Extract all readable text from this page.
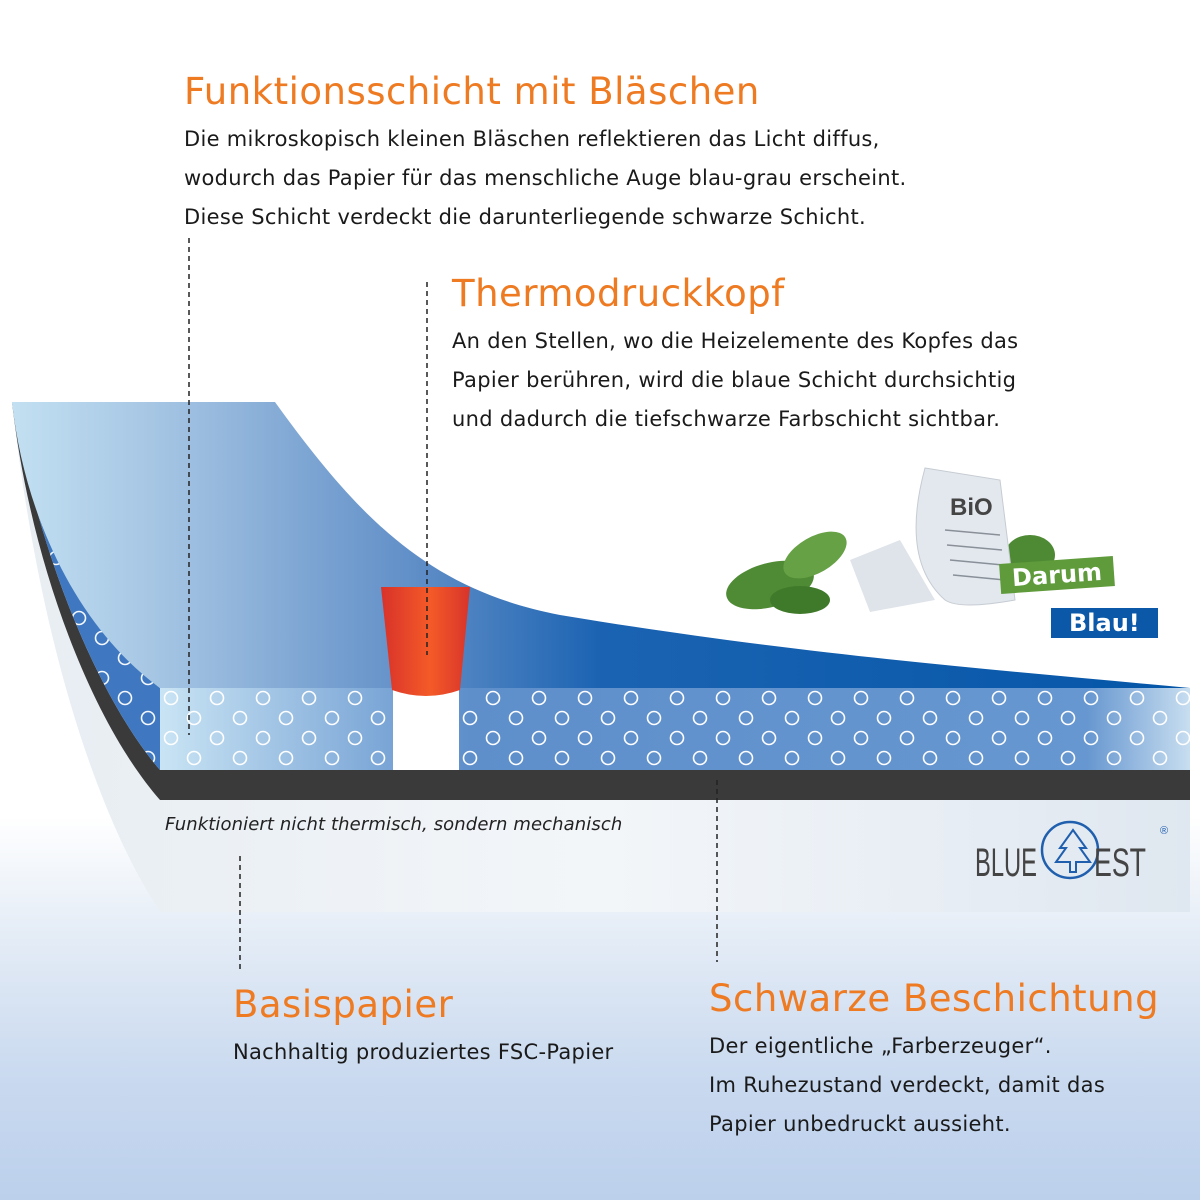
BiO
BLUE EST
®
Darum
Blau!
Funktionsschicht mit Bläschen
Die mikroskopisch kleinen Bläschen reflektieren das Licht diffus,
wodurch das Papier für das menschliche Auge blau-grau erscheint.
Diese Schicht verdeckt die darunterliegende schwarze Schicht.
Thermodruckkopf
An den Stellen, wo die Heizelemente des Kopfes das
Papier berühren, wird die blaue Schicht durchsichtig
und dadurch die tiefschwarze Farbschicht sichtbar.
Funktioniert nicht thermisch, sondern mechanisch
Basispapier
Nachhaltig produziertes FSC-Papier
Schwarze Beschichtung
Der eigentliche „Farberzeuger“.
Im Ruhezustand verdeckt, damit das
Papier unbedruckt aussieht.
